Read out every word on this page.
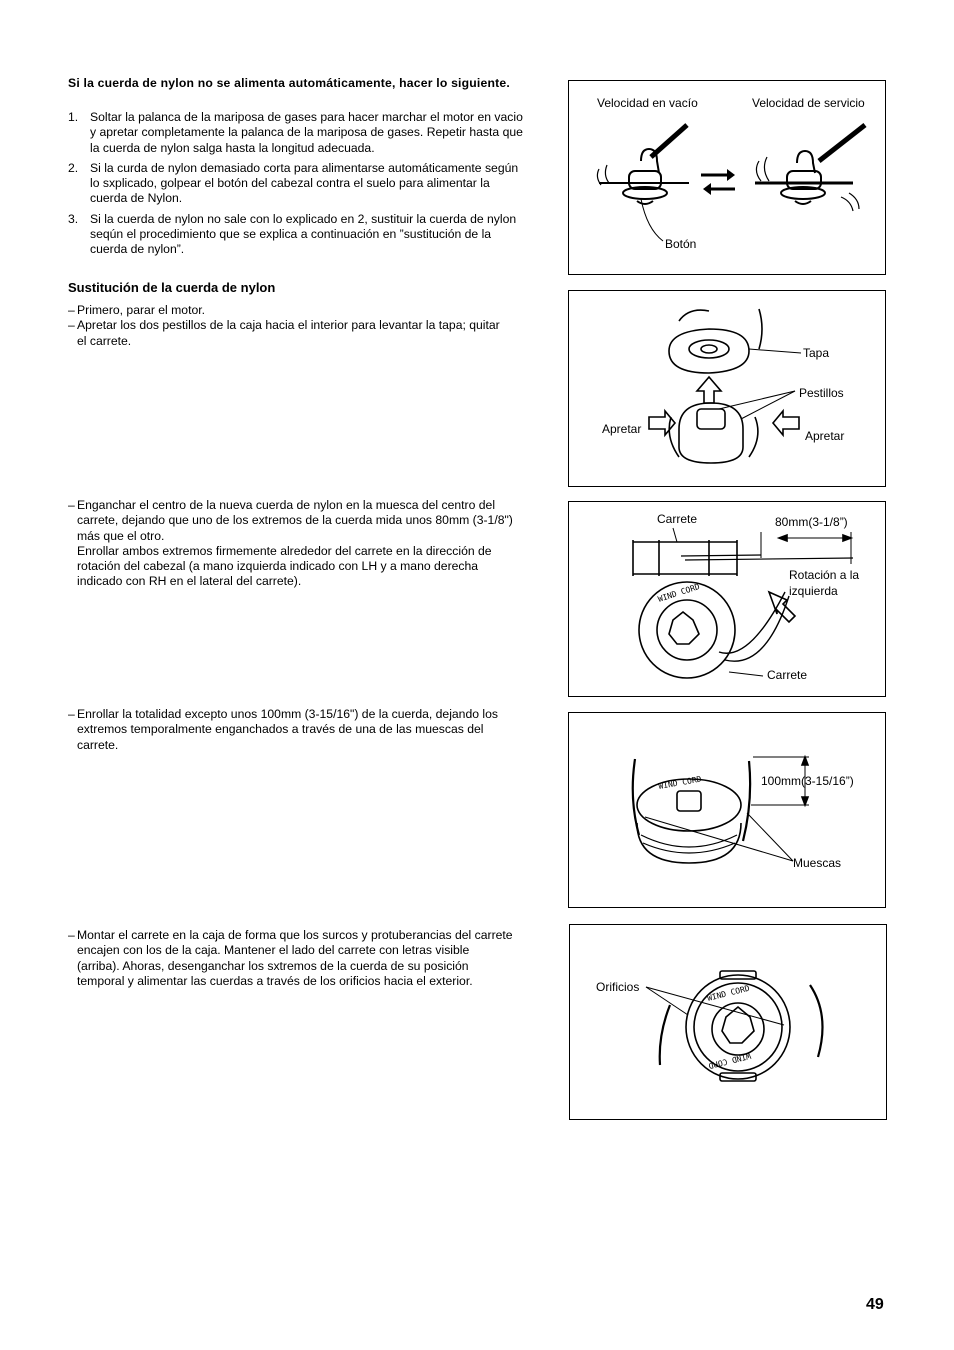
Si la cuerda de nylon no se alimenta automáticamente, hacer lo siguiente.
1. Soltar la palanca de la mariposa de gases para hacer marchar el motor en vacio y apretar completamente la palanca de la mariposa de gases. Repetir hasta que la cuerda de nylon salga hasta la longitud adecuada.
2. Si la curda de nylon demasiado corta para alimentarse automáticamente según lo sxplicado, golpear el botón del cabezal contra el suelo para alimentar la cuerda de Nylon.
3. Si la cuerda de nylon no sale con lo explicado en 2, sustituir la cuerda de nylon seqún el procedimiento que se explica a continuación en ”sustitución de la cuerda de nylon”.
Sustitución de la cuerda de nylon
– Primero, parar el motor.
– Apretar los dos pestillos de la caja hacia el interior para levantar la tapa; quitar el carrete.
– Enganchar el centro de la nueva cuerda de nylon en la muesca del centro del carrete, dejando que uno de los extremos de la cuerda mida unos 80mm (3-1/8") más que el otro.
Enrollar ambos extremos firmemente alrededor del carrete en la dirección de rotación del cabezal (a mano izquierda indicado con LH y a mano derecha indicado con RH en el lateral del carrete).
– Enrollar la totalidad excepto unos 100mm (3-15/16") de la cuerda, dejando los extremos temporalmente enganchados a través de una de las muescas del carrete.
– Montar el carrete en la caja de forma que los surcos y protuberancias del carrete encajen con los de la caja. Mantener el lado del carrete con letras visible (arriba). Ahoras, desenganchar los sxtremos de la cuerda de su posición temporal y alimentar las cuerdas a través de los orificios hacia el exterior.
Velocidad en vacío	Velocidad de servicio
Botón
Tapa
Pestillos
Apretar	Apretar
WIND CORD
Carrete	80mm(3-1/8”)
Rotación a la izquierda
Carrete
WIND CORD	100mm(3-15/16”)
Muescas
WIND CORD
WIND CORD
Orificios
49
